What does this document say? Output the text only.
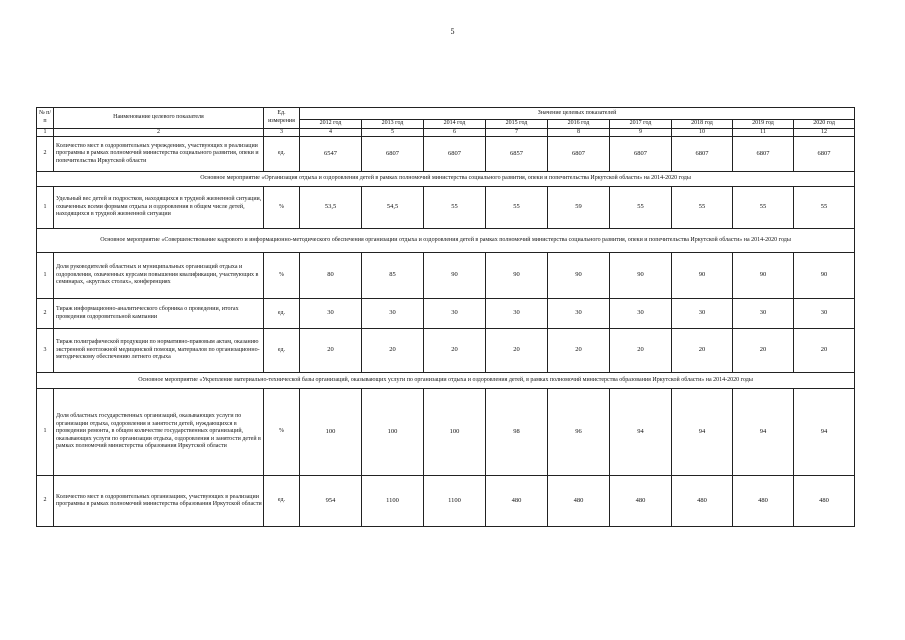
5
№ п/п	Наименование целевого показателя	Ед. измерения	Значение целевых показателей								
			2012 год	2013 год	2014 год	2015 год	2016 год	2017 год	2018 год	2019 год	2020 год
1	2	3	4	5	6	7	8	9	10	11	12
2	Количество мест в оздоровительных учреждениях, участвующих в реализации программы в рамках полномочий министерства социального развития, опеки и попечительства Иркутской области	ед.	6547	6807	6807	6857	6807	6807	6807	6807	6807
Основное мероприятие «Организация отдыха и оздоровления детей в рамках полномочий министерства социального развития, опеки и попечительства Иркутской области» на 2014-2020 годы											
1	Удельный вес детей и подростков, находящихся в трудной жизненной ситуации, охваченных всеми формами отдыха и оздоровления в общем числе детей, находящихся в трудной жизненной ситуации	%	53,5	54,5	55	55	59	55	55	55	55
Основное мероприятие «Совершенствование кадрового и информационно-методического обеспечения организации отдыха и оздоровления детей в рамках полномочий министерства социального развития, опеки и попечительства Иркутской области» на 2014-2020 годы											
1	Доля руководителей областных и муниципальных организаций отдыха и оздоровления, охваченных курсами повышения квалификации, участвующих в семинарах, «круглых столах», конференциях	%	80	85	90	90	90	90	90	90	90
2	Тираж информационно-аналитического сборника о проведении, итогах проведения оздоровительной кампании	ед.	30	30	30	30	30	30	30	30	30
3	Тираж полиграфической продукции по нормативно-правовым актам, оказанию экстренной неотложной медицинской помощи, материалов по организационно-методическому обеспечению летнего отдыха	ед.	20	20	20	20	20	20	20	20	20
Основное мероприятие «Укрепление материально-технической базы организаций, оказывающих услуги по организации отдыха и оздоровления детей, в рамках полномочий министерства образования Иркутской области» на 2014-2020 годы											
1	Доля областных государственных организаций, оказывающих услуги по организации отдыха, оздоровления и занятости детей, нуждающихся в проведении ремонта, в общем количестве государственных организаций, оказывающих услуги по организации отдыха, оздоровления и занятости детей в рамках полномочий министерства образования Иркутской области	%	100	100	100	98	96	94	94	94	94
2	Количество мест в оздоровительных организациях, участвующих в реализации программы в рамках полномочий министерства образования Иркутской области	ед.	954	1100	1100	480	480	480	480	480	480
